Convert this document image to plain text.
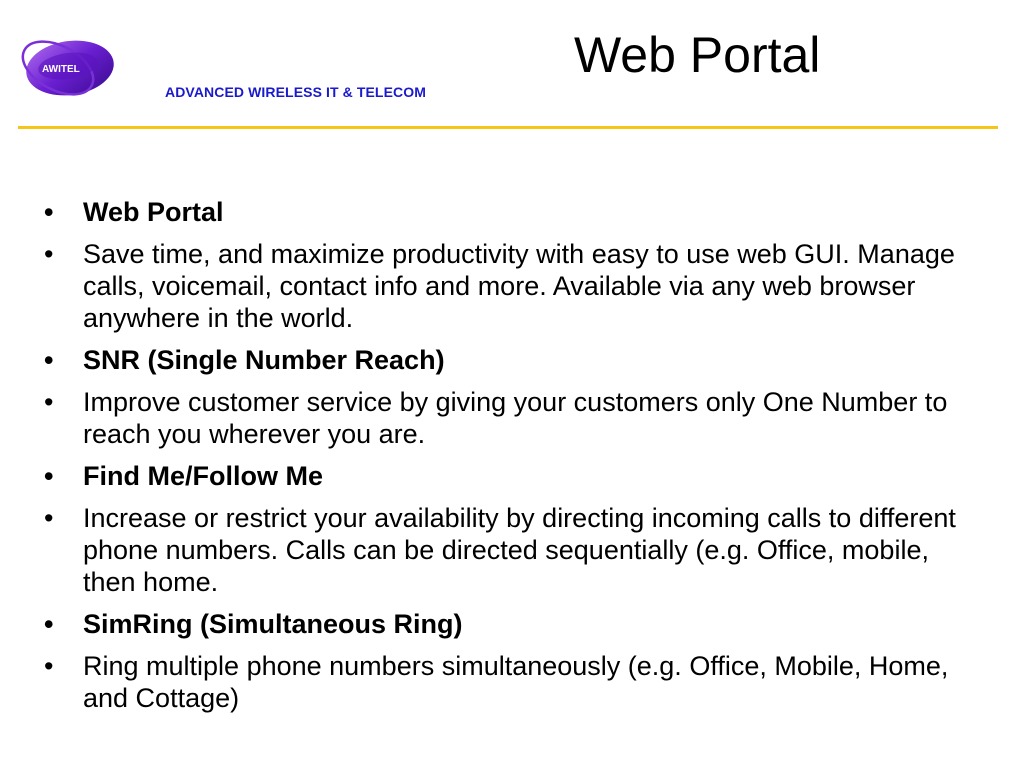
AWITEL
ADVANCED WIRELESS IT & TELECOM
Web Portal
• Web Portal
• Save time, and maximize productivity with easy to use web GUI. Manage calls, voicemail, contact info and more. Available via any web browser anywhere in the world.
• SNR (Single Number Reach)
• Improve customer service by giving your customers only One Number to reach you wherever you are.
• Find Me/Follow Me
• Increase or restrict your availability by directing incoming calls to different phone numbers. Calls can be directed sequentially (e.g. Office, mobile, then home.
• SimRing (Simultaneous Ring)
• Ring multiple phone numbers simultaneously (e.g. Office, Mobile, Home, and Cottage)
